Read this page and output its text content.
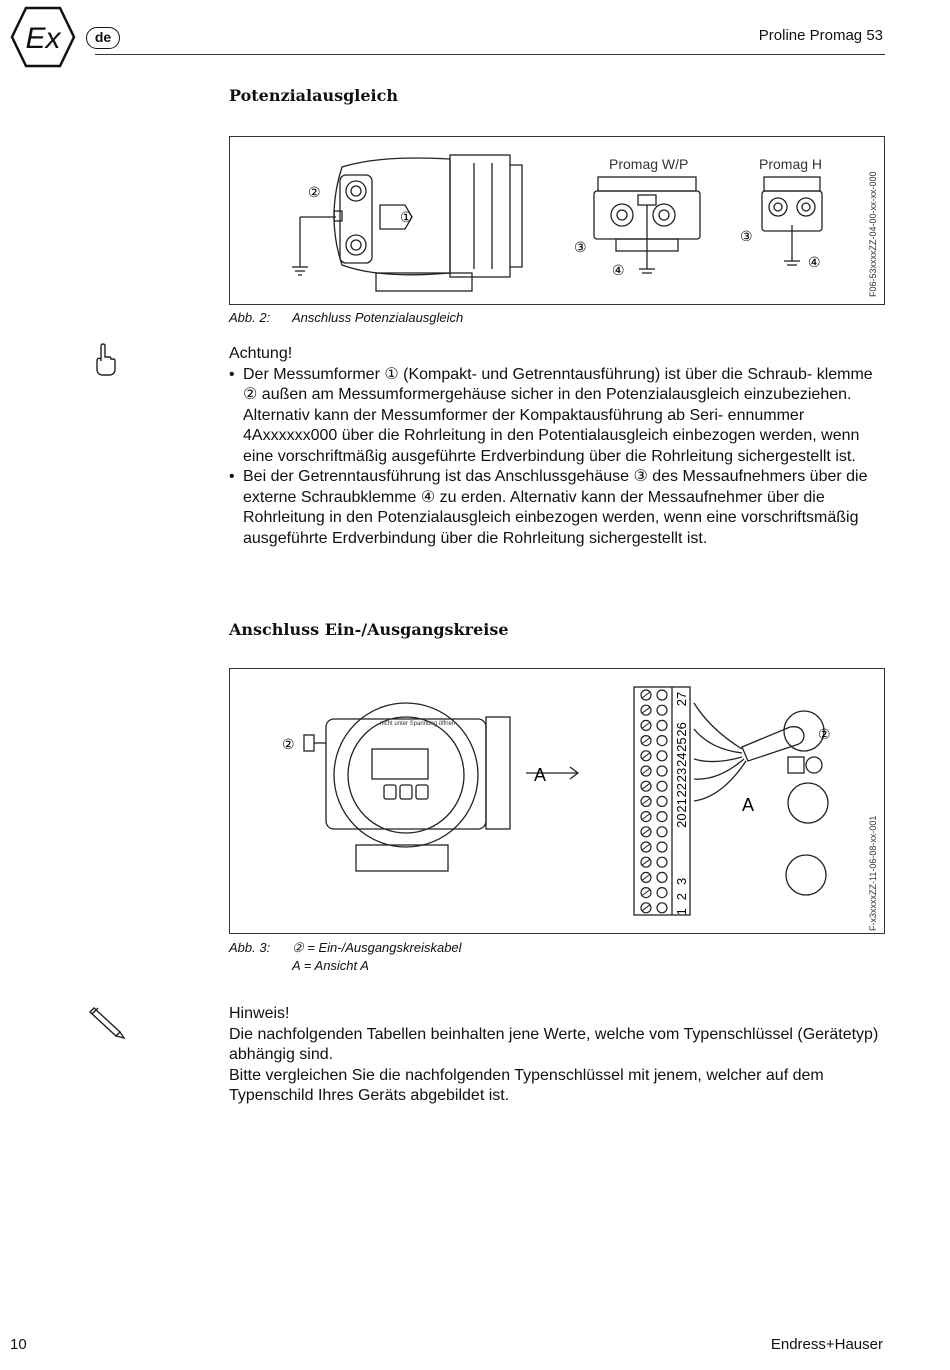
Ex	de	Proline Promag 53
Potenzialausgleich
②
①
Promag W/P
③
④
Promag H
③
④	F06-53xxxxZZ-04-00-xx-xx-000
Abb. 2: Anschluss Potenzialausgleich
Achtung!
• Der Messumformer ① (Kompakt- und Getrenntausführung) ist über die Schraub- klemme ② außen am Messumformergehäuse sicher in den Potenzialausgleich einzubeziehen. Alternativ kann der Messumformer der Kompaktausführung ab Seri- ennummer 4Axxxxxx000 über die Rohrleitung in den Potentialausgleich einbezogen werden, wenn eine vorschriftmäßig ausgeführte Erdverbindung über die Rohrleitung sichergestellt ist.
• Bei der Getrenntausführung ist das Anschlussgehäuse ③ des Messaufnehmers über die externe Schraubklemme ④ zu erden. Alternativ kann der Messaufnehmer über die Rohrleitung in den Potenzialausgleich einbezogen werden, wenn eine vorschriftsmäßig ausgeführte Erdverbindung über die Rohrleitung sichergestellt ist.
Anschluss Ein-/Ausgangskreise
②
A
nicht unter Spannung öffnen
27
26
25
24
23
22
21
20
3
2
1
②
A
F-x3xxxxZZ-11-06-08-xx-001
Abb. 3: ② = Ein-/Ausgangskreiskabel
A = Ansicht A
Hinweis!
Die nachfolgenden Tabellen beinhalten jene Werte, welche vom Typenschlüssel (Gerätetyp) abhängig sind.
Bitte vergleichen Sie die nachfolgenden Typenschlüssel mit jenem, welcher auf dem Typenschild Ihres Geräts abgebildet ist.
10	Endress+Hauser
